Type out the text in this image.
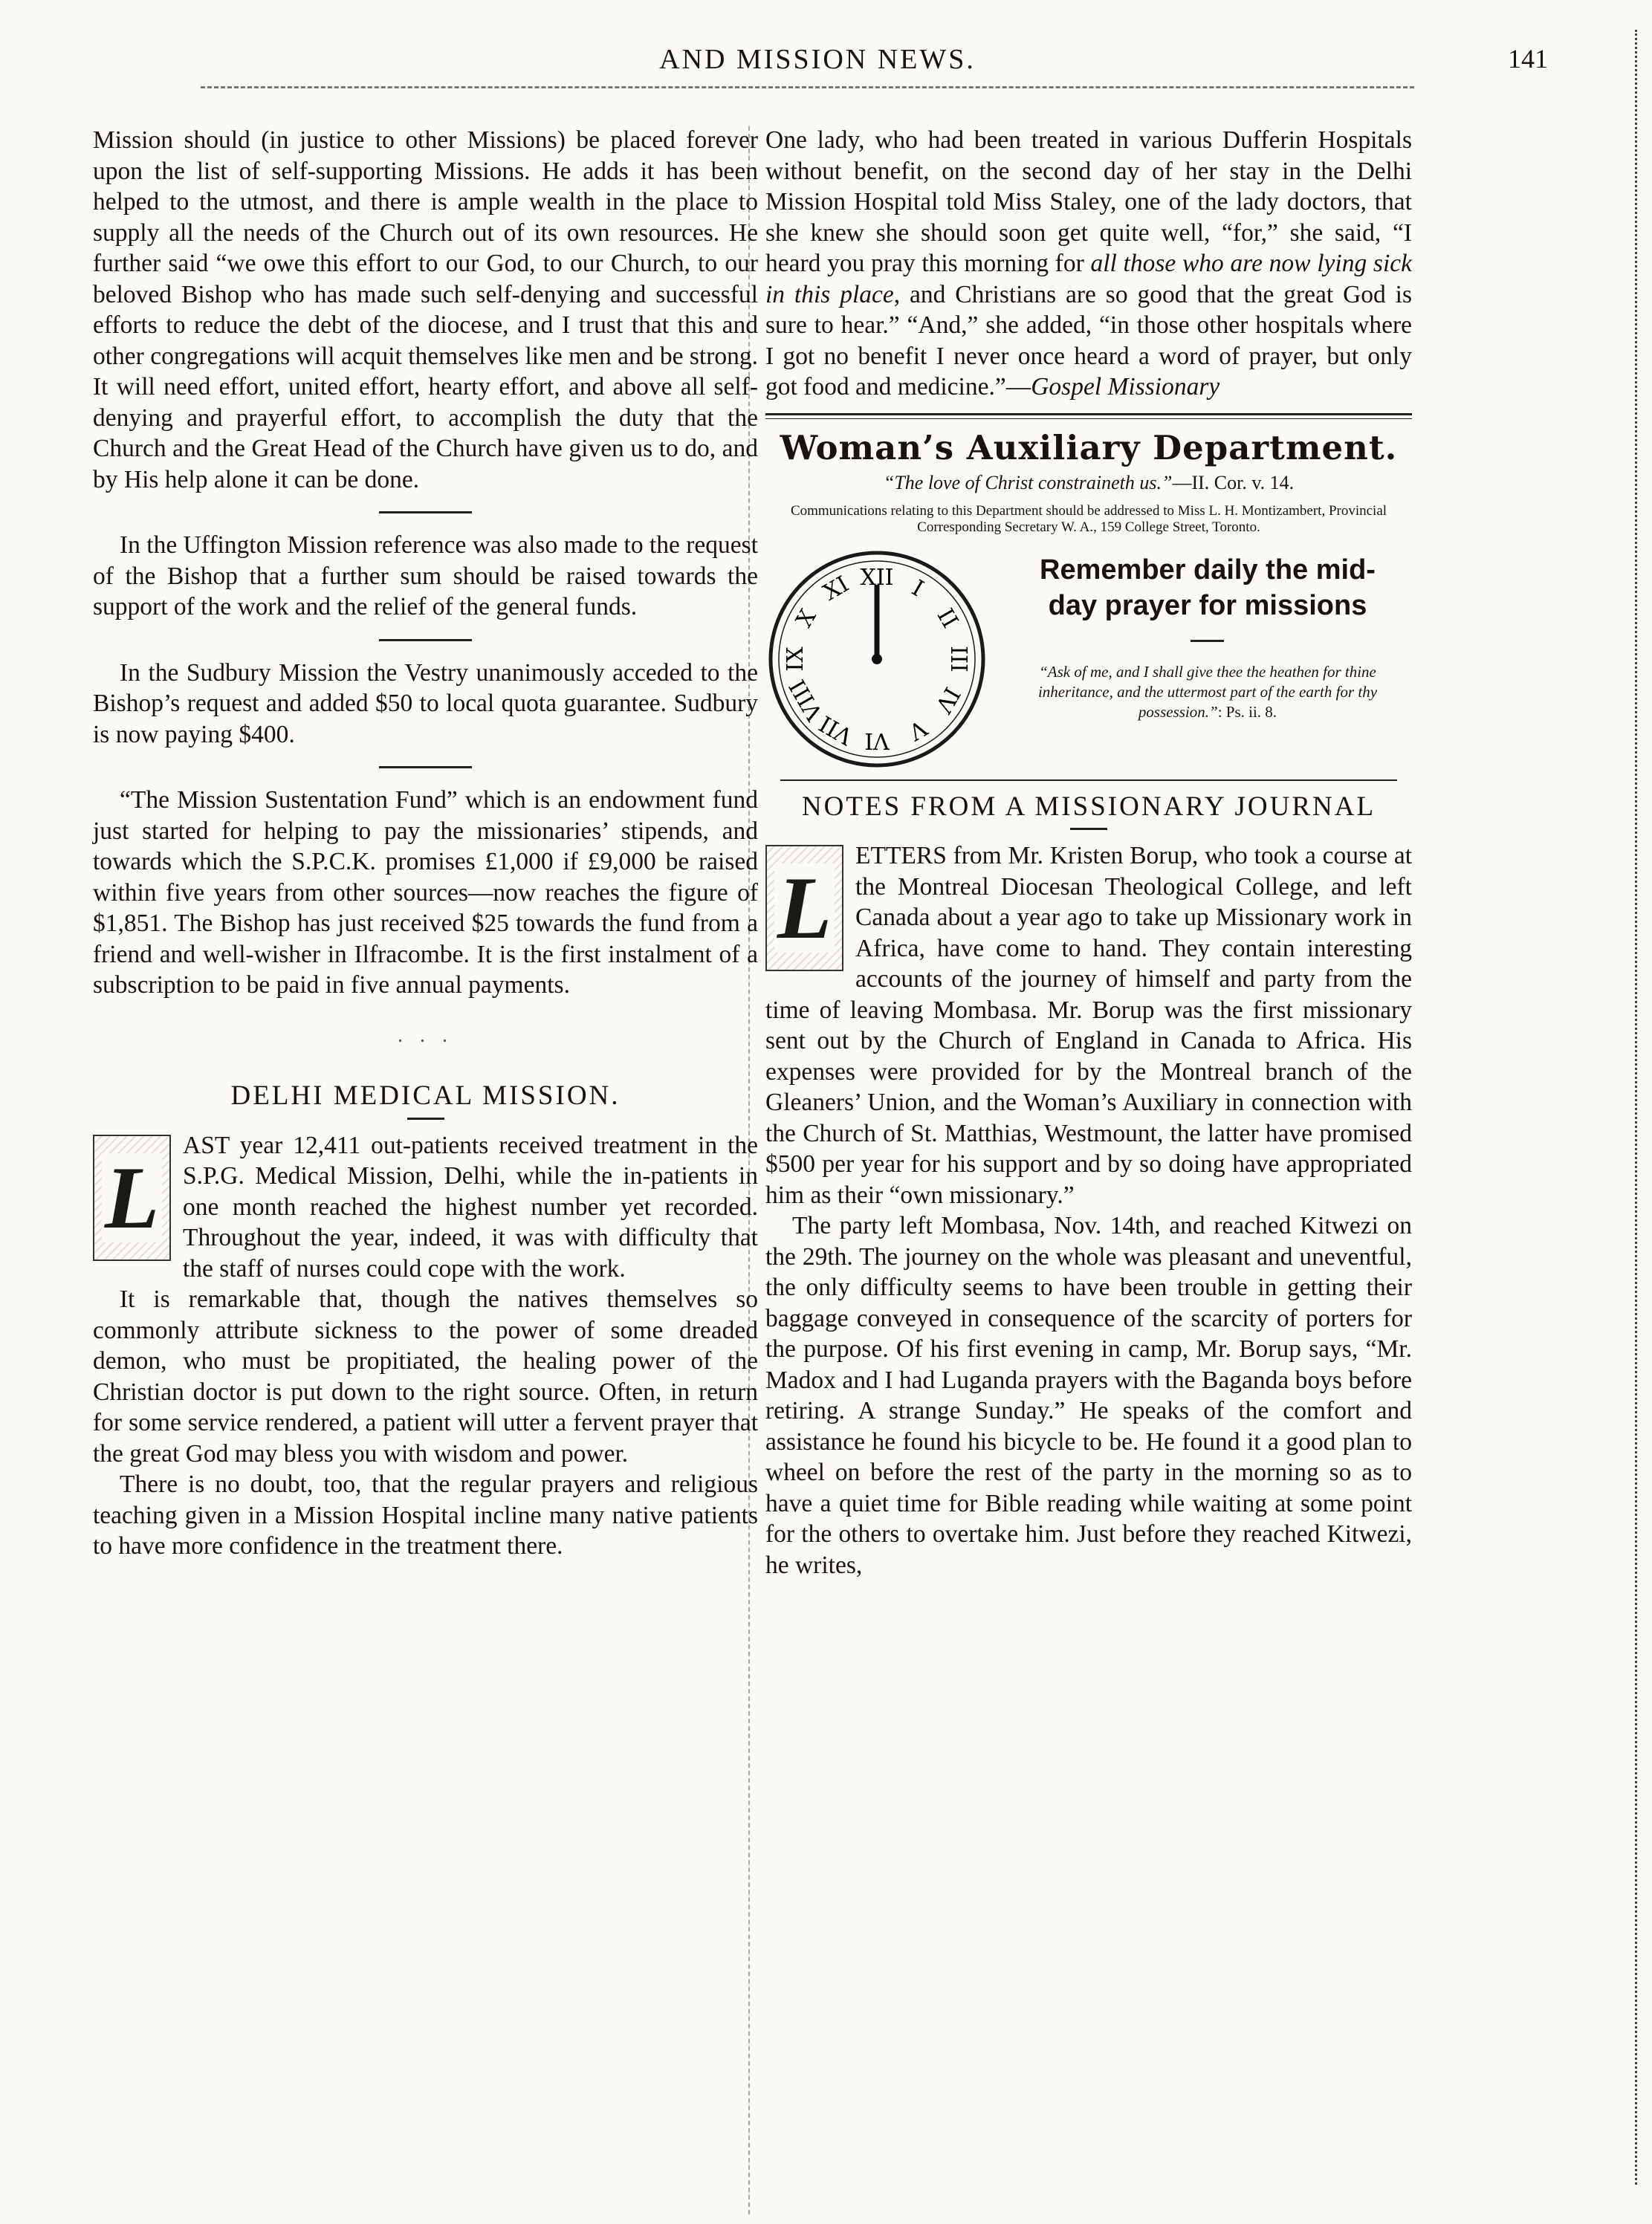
AND MISSION NEWS.	141

Mission should (in justice to other Missions) be placed forever upon the list of self-supporting Missions. He adds it has been helped to the utmost, and there is ample wealth in the place to supply all the needs of the Church out of its own resources. He further said “we owe this effort to our God, to our Church, to our beloved Bishop who has made such self-denying and successful efforts to reduce the debt of the diocese, and I trust that this and other congregations will acquit themselves like men and be strong. It will need effort, united effort, hearty effort, and above all self-denying and prayerful effort, to accomplish the duty that the Church and the Great Head of the Church have given us to do, and by His help alone it can be done.

In the Uffington Mission reference was also made to the request of the Bishop that a further sum should be raised towards the support of the work and the relief of the general funds.

In the Sudbury Mission the Vestry unanimously acceded to the Bishop’s request and added $50 to local quota guarantee. Sudbury is now paying $400.

“The Mission Sustentation Fund” which is an endowment fund just started for helping to pay the missionaries’ stipends, and towards which the S.P.C.K. promises £1,000 if £9,000 be raised within five years from other sources—now reaches the figure of $1,851. The Bishop has just received $25 towards the fund from a friend and well-wisher in Ilfracombe. It is the first instalment of a subscription to be paid in five annual payments.

. . .
DELHI MEDICAL MISSION.

L
AST year 12,411 out-patients received treatment in the S.P.G. Medical Mission, Delhi, while the in-patients in one month reached the highest number yet recorded. Throughout the year, indeed, it was with difficulty that the staff of nurses could cope with the work.

It is remarkable that, though the natives themselves so commonly attribute sickness to the power of some dreaded demon, who must be propitiated, the healing power of the Christian doctor is put down to the right source. Often, in return for some service rendered, a patient will utter a fervent prayer that the great God may bless you with wisdom and power.

There is no doubt, too, that the regular prayers and religious teaching given in a Mission Hospital incline many native patients to have more confidence in the treatment there.

One lady, who had been treated in various Dufferin Hospitals without benefit, on the second day of her stay in the Delhi Mission Hospital told Miss Staley, one of the lady doctors, that she knew she should soon get quite well, “for,” she said, “I heard you pray this morning for all those who are now lying sick in this place, and Christians are so good that the great God is sure to hear.” “And,” she added, “in those other hospitals where I got no benefit I never once heard a word of prayer, but only got food and medicine.”—Gospel Missionary

Woman’s Auxiliary Department.
“The love of Christ constraineth us.”—II. Cor. v. 14.
Communications relating to this Department should be addressed to Miss L. H. Montizambert, Provincial Corresponding Secretary W. A., 159 College Street, Toronto.
XII I
II
III
IV
V
VI
VII
VIII
IX
X
XI
Remember daily the mid-
day prayer for missions
“Ask of me, and I shall give thee the heathen for thine inheritance, and the uttermost part of the earth for thy possession.”: Ps. ii. 8.
NOTES FROM A MISSIONARY JOURNAL

L
ETTERS from Mr. Kristen Borup, who took a course at the Montreal Diocesan Theological College, and left Canada about a year ago to take up Missionary work in Africa, have come to hand. They contain interesting accounts of the journey of himself and party from the time of leaving Mombasa. Mr. Borup was the first missionary sent out by the Church of England in Canada to Africa. His expenses were provided for by the Montreal branch of the Gleaners’ Union, and the Woman’s Auxiliary in connection with the Church of St. Matthias, Westmount, the latter have promised $500 per year for his support and by so doing have appropriated him as their “own missionary.”

The party left Mombasa, Nov. 14th, and reached Kitwezi on the 29th. The journey on the whole was pleasant and uneventful, the only difficulty seems to have been trouble in getting their baggage conveyed in consequence of the scarcity of porters for the purpose. Of his first evening in camp, Mr. Borup says, “Mr. Madox and I had Luganda prayers with the Baganda boys before retiring. A strange Sunday.” He speaks of the comfort and assistance he found his bicycle to be. He found it a good plan to wheel on before the rest of the party in the morning so as to have a quiet time for Bible reading while waiting at some point for the others to overtake him. Just before they reached Kitwezi, he writes,
